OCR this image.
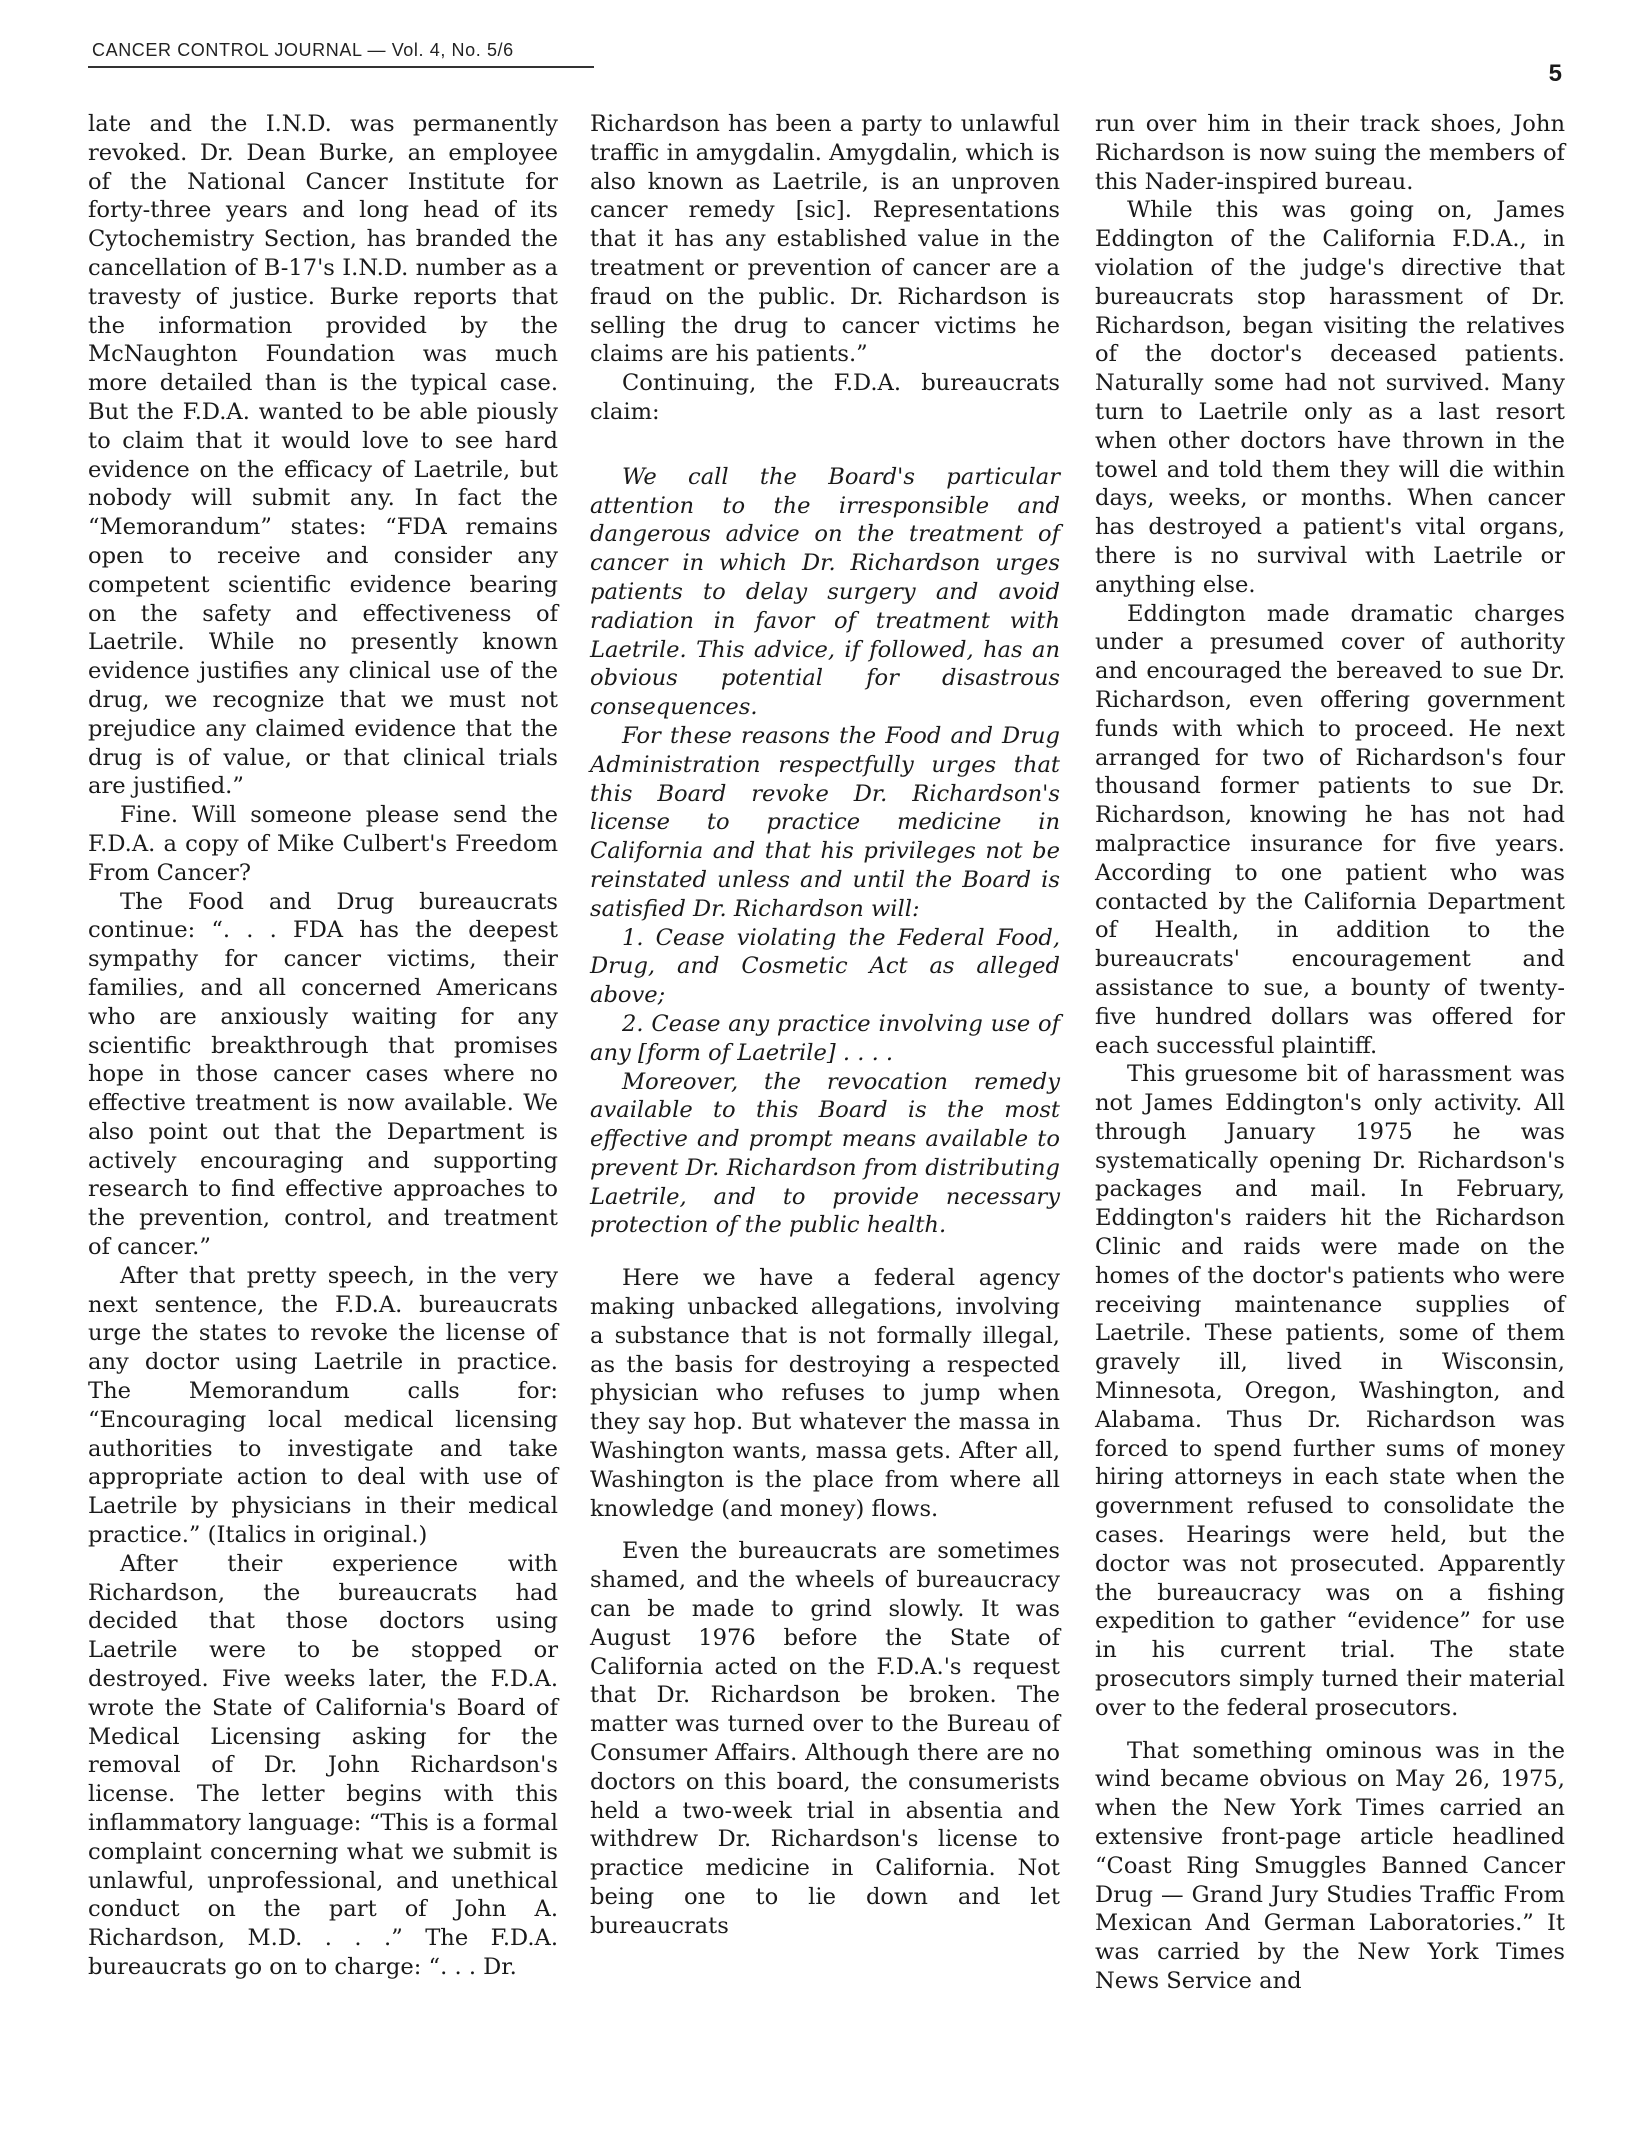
CANCER CONTROL JOURNAL — Vol. 4, No. 5/6
5

late and the I.N.D. was permanently revoked. Dr. Dean Burke, an employee of the National Cancer Institute for forty-three years and long head of its Cytochemistry Section, has branded the cancellation of B-17's I.N.D. number as a travesty of justice. Burke reports that the information provided by the McNaughton Foundation was much more detailed than is the typical case. But the F.D.A. wanted to be able piously to claim that it would love to see hard evidence on the efficacy of Laetrile, but nobody will submit any. In fact the “Memorandum” states: “FDA remains open to receive and consider any competent scientific evidence bearing on the safety and effectiveness of Laetrile. While no presently known evidence justifies any clinical use of the drug, we recognize that we must not prejudice any claimed evidence that the drug is of value, or that clinical trials are justified.”

Fine. Will someone please send the F.D.A. a copy of Mike Culbert's Freedom From Cancer?

The Food and Drug bureaucrats continue: “. . . FDA has the deepest sympathy for cancer victims, their families, and all concerned Americans who are anxiously waiting for any scientific breakthrough that promises hope in those cancer cases where no effective treatment is now available. We also point out that the Department is actively encouraging and supporting research to find effective approaches to the prevention, control, and treatment of cancer.”

After that pretty speech, in the very next sentence, the F.D.A. bureaucrats urge the states to revoke the license of any doctor using Laetrile in practice. The Memorandum calls for: “Encouraging local medical licensing authorities to investigate and take appropriate action to deal with use of Laetrile by physicians in their medical practice.” (Italics in original.)

After their experience with Richardson, the bureaucrats had decided that those doctors using Laetrile were to be stopped or destroyed. Five weeks later, the F.D.A. wrote the State of California's Board of Medical Licensing asking for the removal of Dr. John Richardson's license. The letter begins with this inflammatory language: “This is a formal complaint concerning what we submit is unlawful, unprofessional, and unethical conduct on the part of John A. Richardson, M.D. . . .” The F.D.A. bureaucrats go on to charge: “. . . Dr.

Richardson has been a party to unlawful traffic in amygdalin. Amygdalin, which is also known as Laetrile, is an unproven cancer remedy [sic]. Representations that it has any established value in the treatment or prevention of cancer are a fraud on the public. Dr. Richardson is selling the drug to cancer victims he claims are his patients.”

Continuing, the F.D.A. bureaucrats claim:

We call the Board's particular attention to the irresponsible and dangerous advice on the treatment of cancer in which Dr. Richardson urges patients to delay surgery and avoid radiation in favor of treatment with Laetrile. This advice, if followed, has an obvious potential for disastrous consequences.

For these reasons the Food and Drug Administration respectfully urges that this Board revoke Dr. Richardson's license to practice medicine in California and that his privileges not be reinstated unless and until the Board is satisfied Dr. Richardson will:

1. Cease violating the Federal Food, Drug, and Cosmetic Act as alleged above;

2. Cease any practice involving use of any [form of Laetrile] . . . .

Moreover, the revocation remedy available to this Board is the most effective and prompt means available to prevent Dr. Richardson from distributing Laetrile, and to provide necessary protection of the public health.

Here we have a federal agency making unbacked allegations, involving a substance that is not formally illegal, as the basis for destroying a respected physician who refuses to jump when they say hop. But whatever the massa in Washington wants, massa gets. After all, Washington is the place from where all knowledge (and money) flows.

Even the bureaucrats are sometimes shamed, and the wheels of bureaucracy can be made to grind slowly. It was August 1976 before the State of California acted on the F.D.A.'s request that Dr. Richardson be broken. The matter was turned over to the Bureau of Consumer Affairs. Although there are no doctors on this board, the consumerists held a two-week trial in absentia and withdrew Dr. Richardson's license to practice medicine in California. Not being one to lie down and let bureaucrats

run over him in their track shoes, John Richardson is now suing the members of this Nader-inspired bureau.

While this was going on, James Eddington of the California F.D.A., in violation of the judge's directive that bureaucrats stop harassment of Dr. Richardson, began visiting the relatives of the doctor's deceased patients. Naturally some had not survived. Many turn to Laetrile only as a last resort when other doctors have thrown in the towel and told them they will die within days, weeks, or months. When cancer has destroyed a patient's vital organs, there is no survival with Laetrile or anything else.

Eddington made dramatic charges under a presumed cover of authority and encouraged the bereaved to sue Dr. Richardson, even offering government funds with which to proceed. He next arranged for two of Richardson's four thousand former patients to sue Dr. Richardson, knowing he has not had malpractice insurance for five years. According to one patient who was contacted by the California Department of Health, in addition to the bureaucrats' encouragement and assistance to sue, a bounty of twenty-five hundred dollars was offered for each successful plaintiff.

This gruesome bit of harassment was not James Eddington's only activity. All through January 1975 he was systematically opening Dr. Richardson's packages and mail. In February, Eddington's raiders hit the Richardson Clinic and raids were made on the homes of the doctor's patients who were receiving maintenance supplies of Laetrile. These patients, some of them gravely ill, lived in Wisconsin, Minnesota, Oregon, Washington, and Alabama. Thus Dr. Richardson was forced to spend further sums of money hiring attorneys in each state when the government refused to consolidate the cases. Hearings were held, but the doctor was not prosecuted. Apparently the bureaucracy was on a fishing expedition to gather “evidence” for use in his current trial. The state prosecutors simply turned their material over to the federal prosecutors.

That something ominous was in the wind became obvious on May 26, 1975, when the New York Times carried an extensive front-page article headlined “Coast Ring Smuggles Banned Cancer Drug — Grand Jury Studies Traffic From Mexican And German Laboratories.” It was carried by the New York Times News Service and
